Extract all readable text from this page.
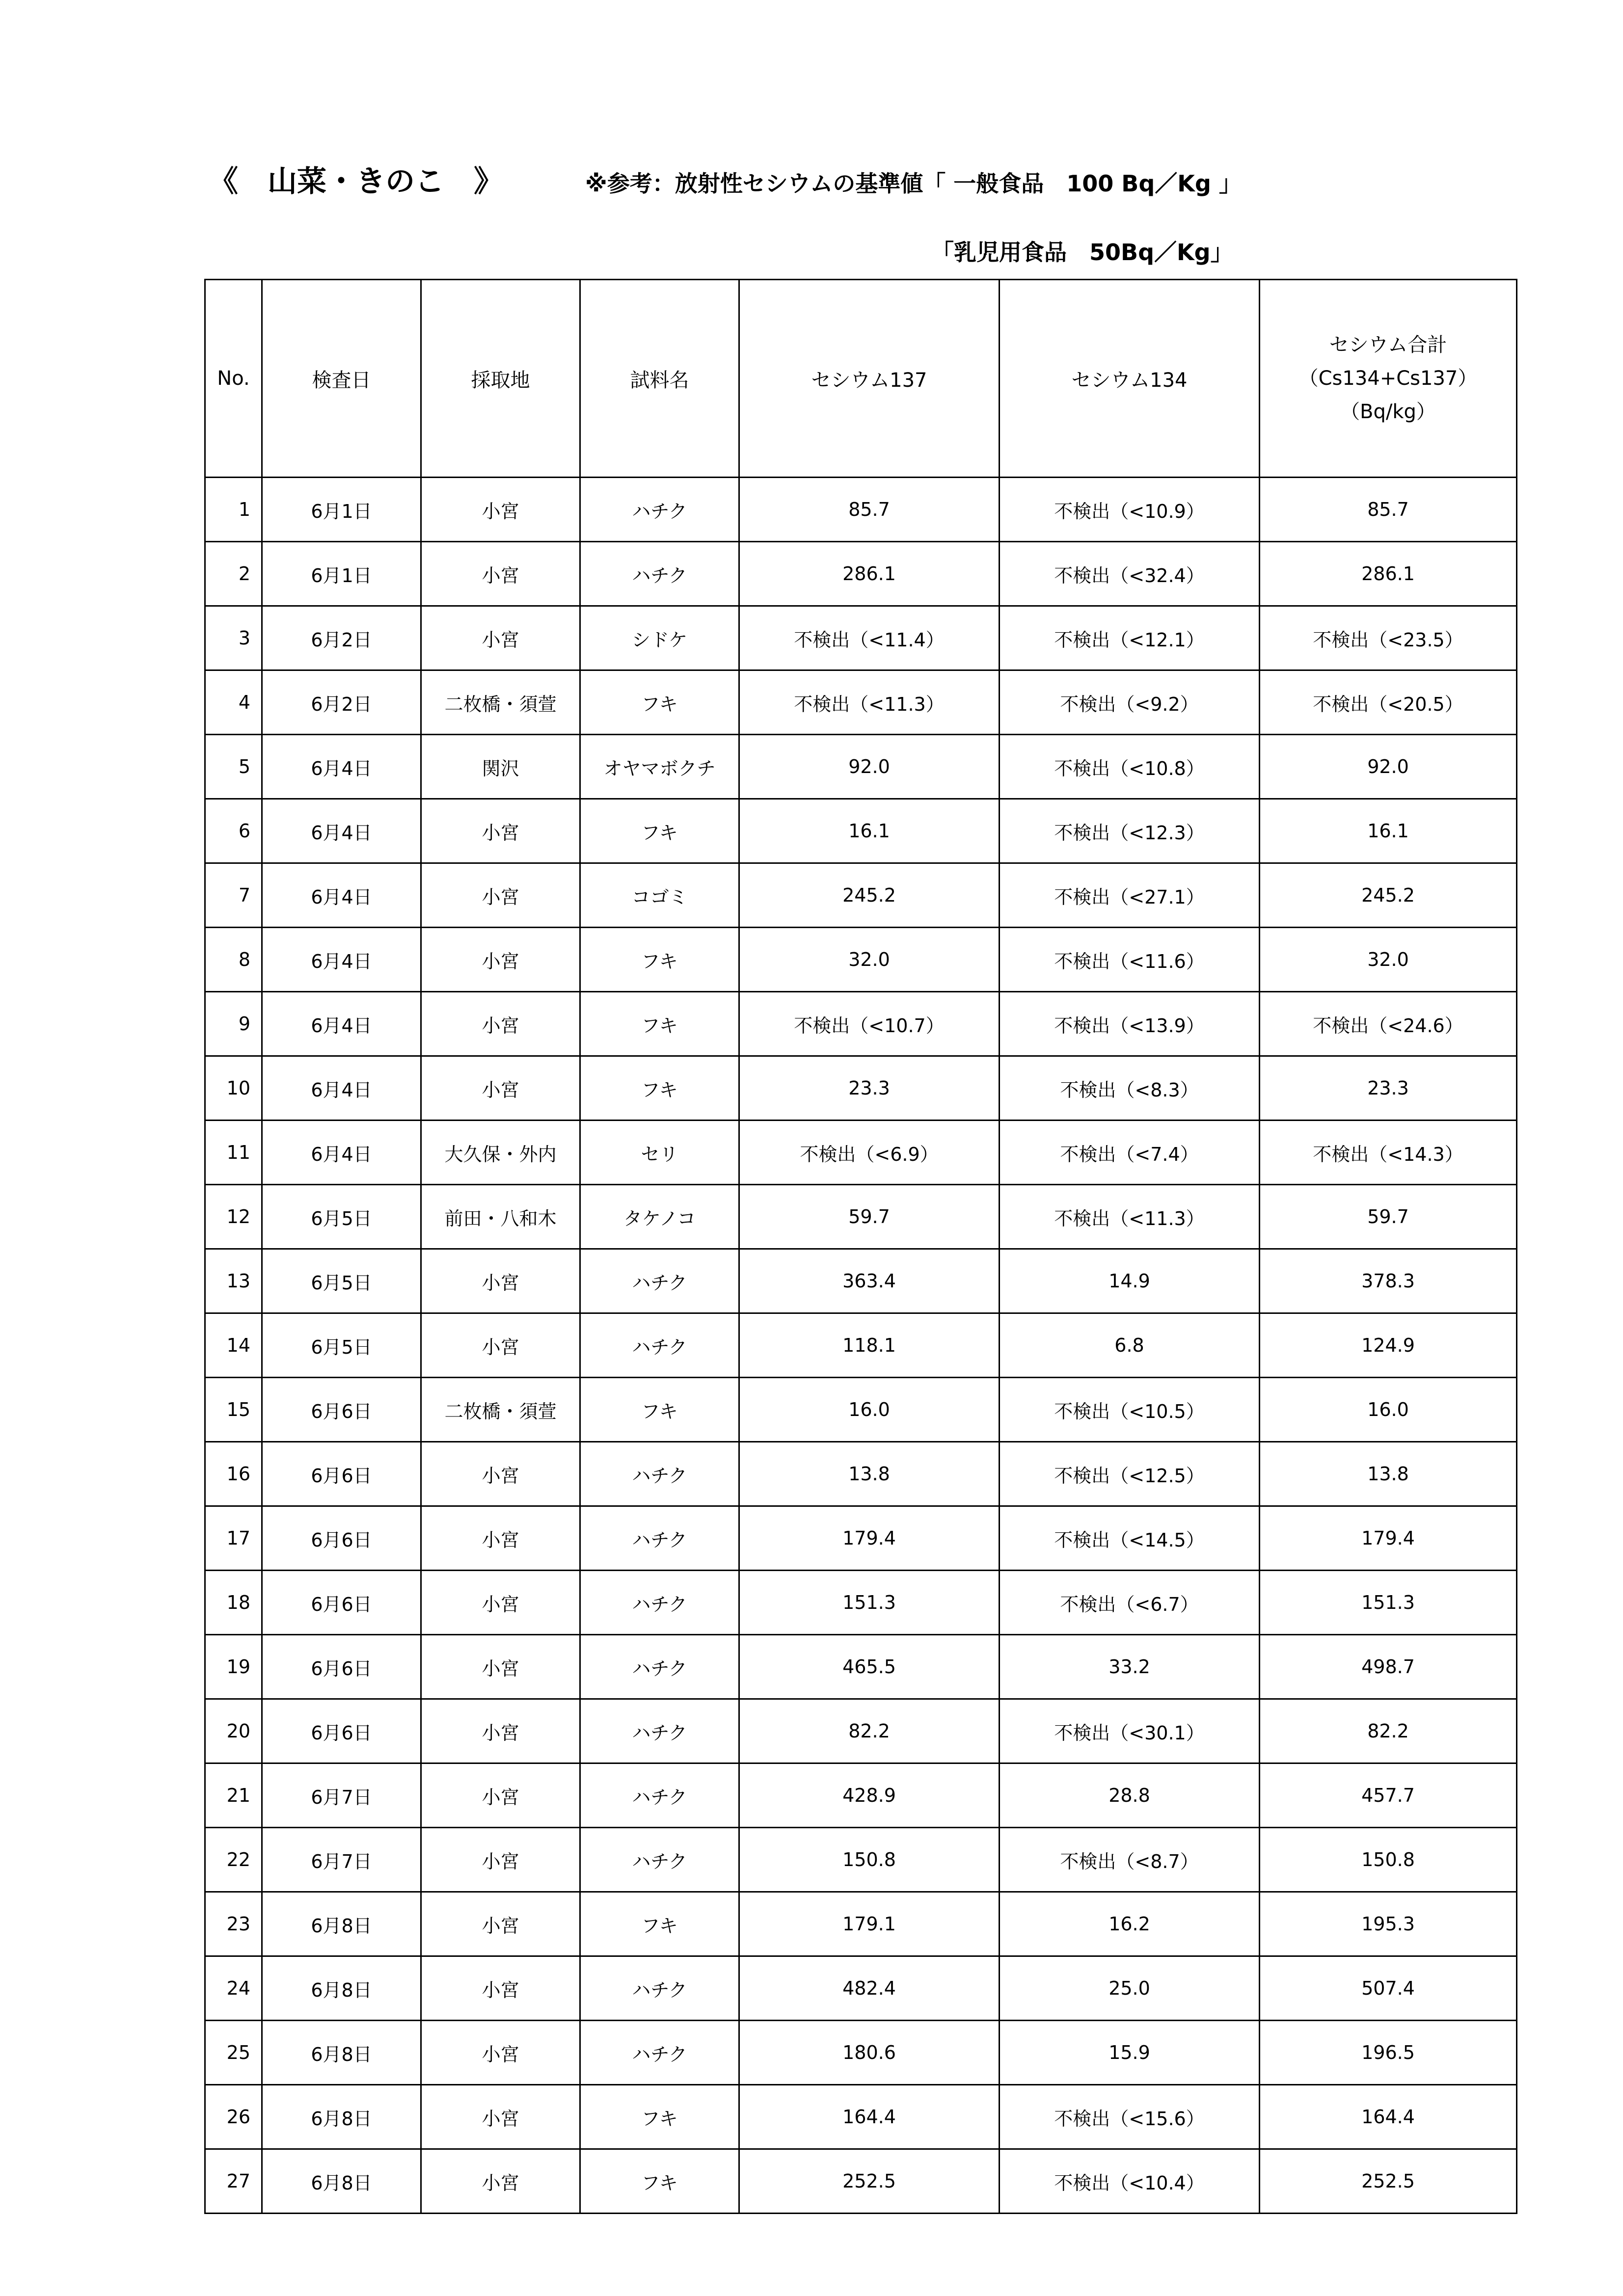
《　山菜・きのこ　》	※参考：放射性セシウムの基準値「 一般食品　100 Bq／Kg 」
「乳児用食品　50Bq／Kg」
No.	検査日	採取地	試料名	セシウム137	セシウム134	セシウム合計
（Cs134+Cs137）
（Bq/kg）

1	6月1日	小宮	ハチク	85.7	不検出（<10.9）	85.7
2	6月1日	小宮	ハチク	286.1	不検出（<32.4）	286.1
3	6月2日	小宮	シドケ	不検出（<11.4）	不検出（<12.1）	不検出（<23.5）
4	6月2日	二枚橋・須萱	フキ	不検出（<11.3）	不検出（<9.2）	不検出（<20.5）
5	6月4日	関沢	オヤマボクチ	92.0	不検出（<10.8）	92.0
6	6月4日	小宮	フキ	16.1	不検出（<12.3）	16.1
7	6月4日	小宮	コゴミ	245.2	不検出（<27.1）	245.2
8	6月4日	小宮	フキ	32.0	不検出（<11.6）	32.0
9	6月4日	小宮	フキ	不検出（<10.7）	不検出（<13.9）	不検出（<24.6）
10	6月4日	小宮	フキ	23.3	不検出（<8.3）	23.3
11	6月4日	大久保・外内	セリ	不検出（<6.9）	不検出（<7.4）	不検出（<14.3）
12	6月5日	前田・八和木	タケノコ	59.7	不検出（<11.3）	59.7
13	6月5日	小宮	ハチク	363.4	14.9	378.3
14	6月5日	小宮	ハチク	118.1	6.8	124.9
15	6月6日	二枚橋・須萱	フキ	16.0	不検出（<10.5）	16.0
16	6月6日	小宮	ハチク	13.8	不検出（<12.5）	13.8
17	6月6日	小宮	ハチク	179.4	不検出（<14.5）	179.4
18	6月6日	小宮	ハチク	151.3	不検出（<6.7）	151.3
19	6月6日	小宮	ハチク	465.5	33.2	498.7
20	6月6日	小宮	ハチク	82.2	不検出（<30.1）	82.2
21	6月7日	小宮	ハチク	428.9	28.8	457.7
22	6月7日	小宮	ハチク	150.8	不検出（<8.7）	150.8
23	6月8日	小宮	フキ	179.1	16.2	195.3
24	6月8日	小宮	ハチク	482.4	25.0	507.4
25	6月8日	小宮	ハチク	180.6	15.9	196.5
26	6月8日	小宮	フキ	164.4	不検出（<15.6）	164.4
27	6月8日	小宮	フキ	252.5	不検出（<10.4）	252.5
